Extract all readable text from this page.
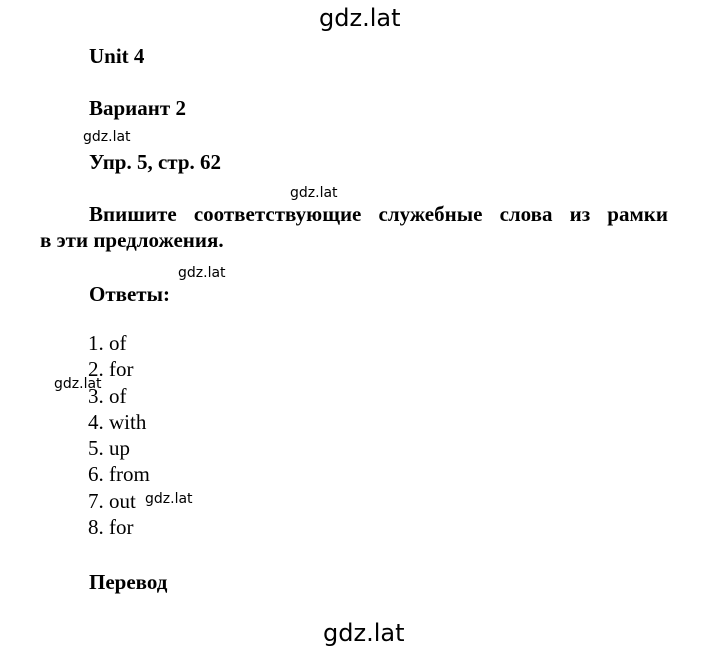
gdz.lat
Unit 4
Вариант 2
gdz.lat
Упр. 5, стр. 62
gdz.lat
Впишите соответствующие служебные слова из рамки
в эти предложения.
gdz.lat
Ответы:
1. of
2. for
3. of
4. with
5. up
6. from
7. out
8. for
gdz.lat
gdz.lat
Перевод
gdz.lat
